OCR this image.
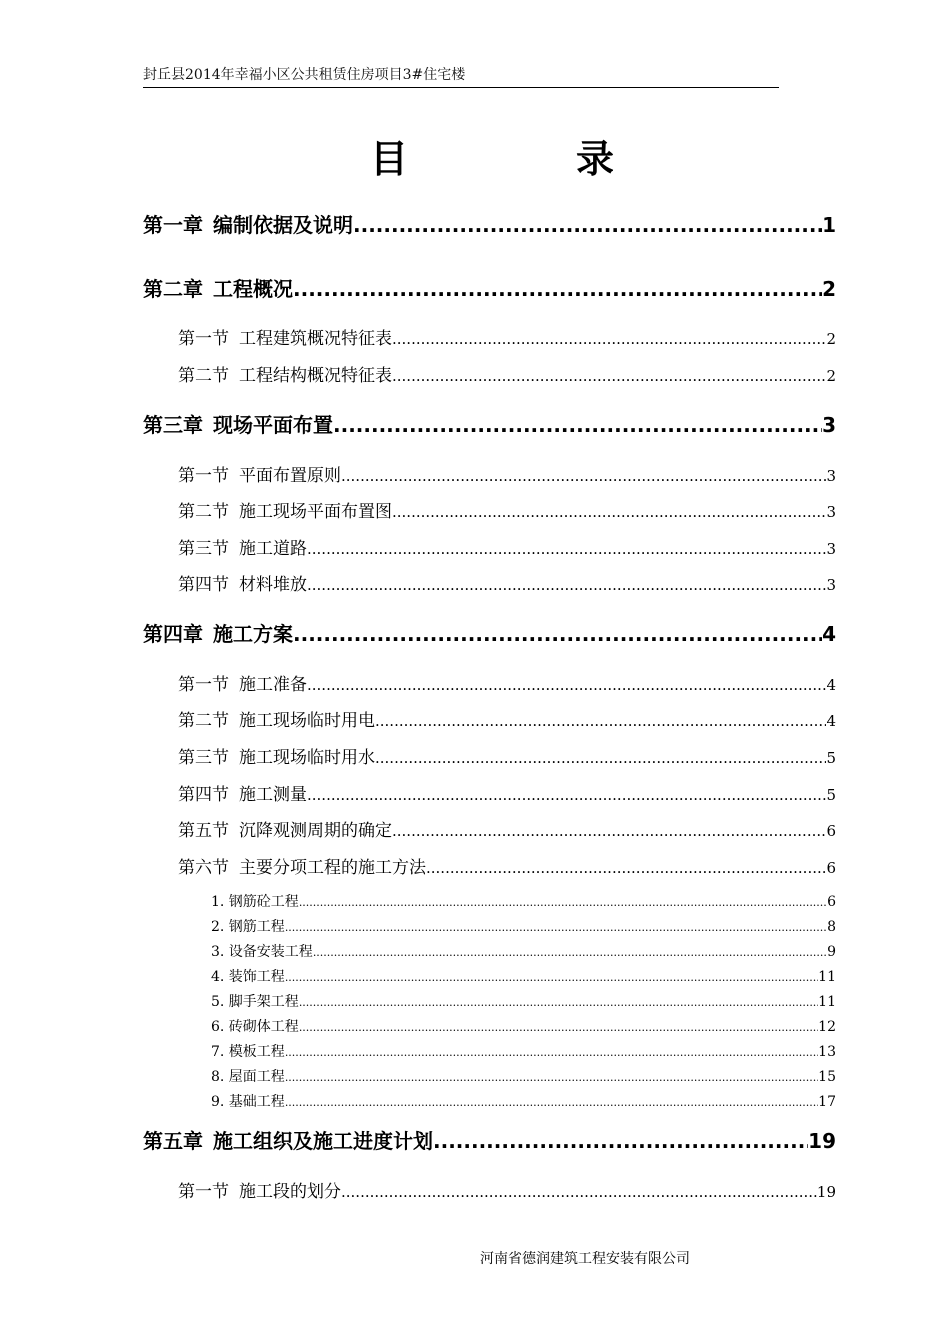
封丘县2014年幸福小区公共租赁住房项目3#住宅楼
目	录
第一章 编制依据及说明 .....	1
第二章 工程概况 .....	2
第一节 工程建筑概况特征表 .....	2
第二节 工程结构概况特征表 .....	2
第三章 现场平面布置 .....	3
第一节 平面布置原则 .....	3
第二节 施工现场平面布置图 .....	3
第三节 施工道路 .....	3
第四节 材料堆放 .....	3
第四章 施工方案 .....	4
第一节 施工准备 .....	4
第二节 施工现场临时用电 .....	4
第三节 施工现场临时用水 .....	5
第四节 施工测量 .....	5
第五节 沉降观测周期的确定 .....	6
第六节 主要分项工程的施工方法 .....	6
1. 钢筋砼工程 .....	6
2. 钢筋工程 .....	8
3. 设备安装工程 .....	9
4. 装饰工程 .....	11
5. 脚手架工程 .....	11
6. 砖砌体工程 .....	12
7. 模板工程 .....	13
8. 屋面工程 .....	15
9. 基础工程 .....	17
第五章 施工组织及施工进度计划 .....	19
第一节 施工段的划分 .....	19
河南省德润建筑工程安装有限公司
